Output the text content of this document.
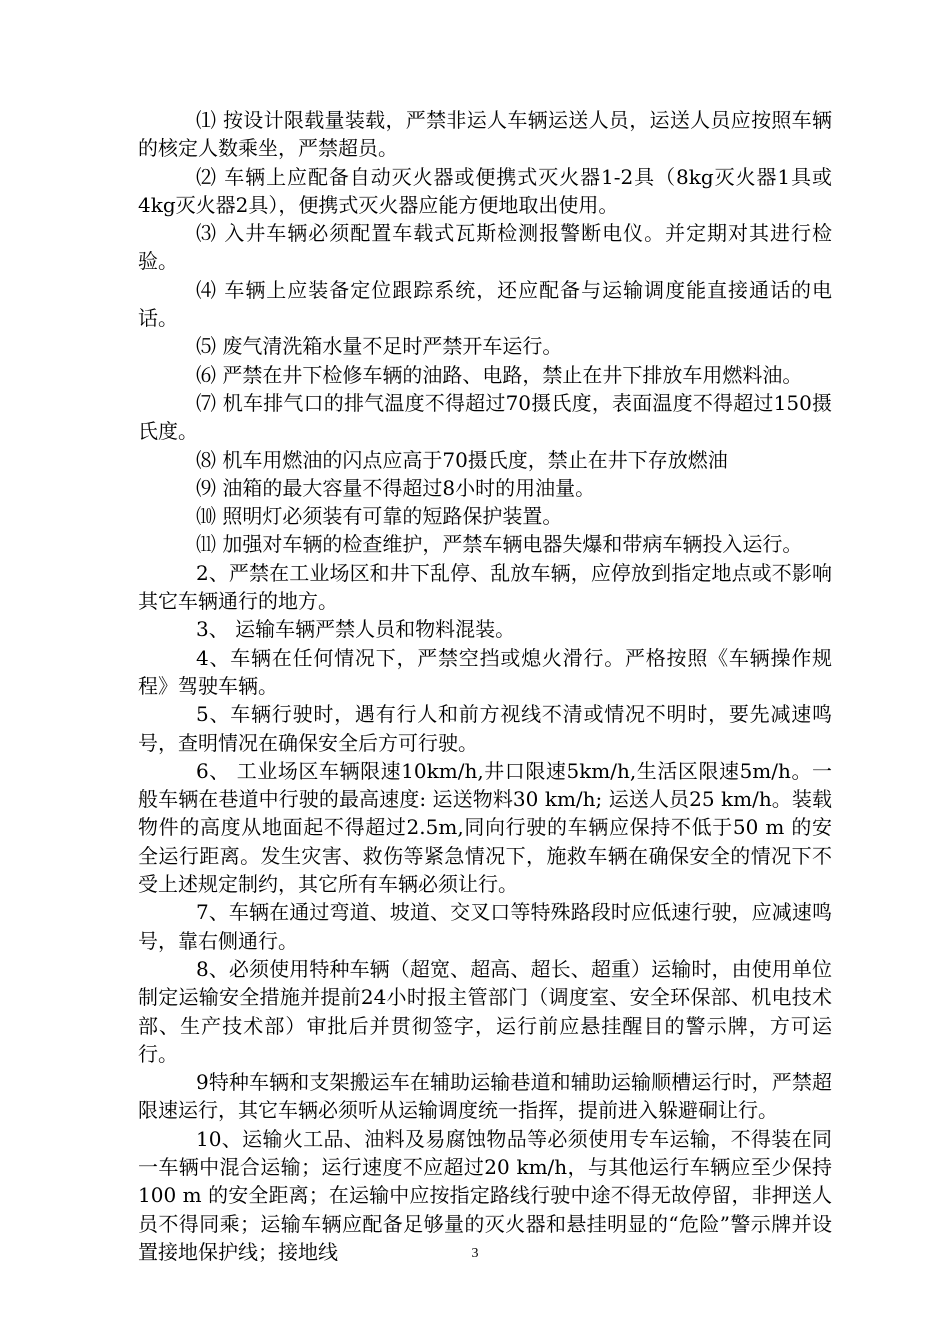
⑴ 按设计限载量装载，严禁非运人车辆运送人员，运送人员应按照车辆的核定人数乘坐，严禁超员。

⑵ 车辆上应配备自动灭火器或便携式灭火器1-2具（8kg灭火器1具或4kg灭火器2具），便携式灭火器应能方便地取出使用。

⑶ 入井车辆必须配置车载式瓦斯检测报警断电仪。并定期对其进行检验。

⑷ 车辆上应装备定位跟踪系统，还应配备与运输调度能直接通话的电话。

⑸ 废气清洗箱水量不足时严禁开车运行。

⑹ 严禁在井下检修车辆的油路、电路，禁止在井下排放车用燃料油。

⑺ 机车排气口的排气温度不得超过70摄氏度，表面温度不得超过150摄氏度。

⑻ 机车用燃油的闪点应高于70摄氏度，禁止在井下存放燃油

⑼ 油箱的最大容量不得超过8小时的用油量。

⑽ 照明灯必须装有可靠的短路保护装置。

⑾ 加强对车辆的检查维护，严禁车辆电器失爆和带病车辆投入运行。

2、严禁在工业场区和井下乱停、乱放车辆，应停放到指定地点或不影响其它车辆通行的地方。

3、 运输车辆严禁人员和物料混装。

4、车辆在任何情况下，严禁空挡或熄火滑行。严格按照《车辆操作规程》驾驶车辆。

5、车辆行驶时，遇有行人和前方视线不清或情况不明时，要先减速鸣号，查明情况在确保安全后方可行驶。

6、 工业场区车辆限速10km/h,井口限速5km/h,生活区限速5m/h。一般车辆在巷道中行驶的最高速度: 运送物料30 km/h; 运送人员25 km/h。装载物件的高度从地面起不得超过2.5m,同向行驶的车辆应保持不低于50 m 的安全运行距离。发生灾害、救伤等紧急情况下，施救车辆在确保安全的情况下不受上述规定制约，其它所有车辆必须让行。

7、车辆在通过弯道、坡道、交叉口等特殊路段时应低速行驶，应减速鸣号，靠右侧通行。

8、必须使用特种车辆（超宽、超高、超长、超重）运输时，由使用单位制定运输安全措施并提前24小时报主管部门（调度室、安全环保部、机电技术部、生产技术部）审批后并贯彻签字，运行前应悬挂醒目的警示牌，方可运行。

9特种车辆和支架搬运车在辅助运输巷道和辅助运输顺槽运行时，严禁超限速运行，其它车辆必须听从运输调度统一指挥，提前进入躲避硐让行。

10、运输火工品、油料及易腐蚀物品等必须使用专车运输，不得装在同一车辆中混合运输；运行速度不应超过20 km/h，与其他运行车辆应至少保持100 m 的安全距离；在运输中应按指定路线行驶中途不得无故停留，非押送人员不得同乘；运输车辆应配备足够量的灭火器和悬挂明显的“危险”警示牌并设置接地保护线；接地线	3
